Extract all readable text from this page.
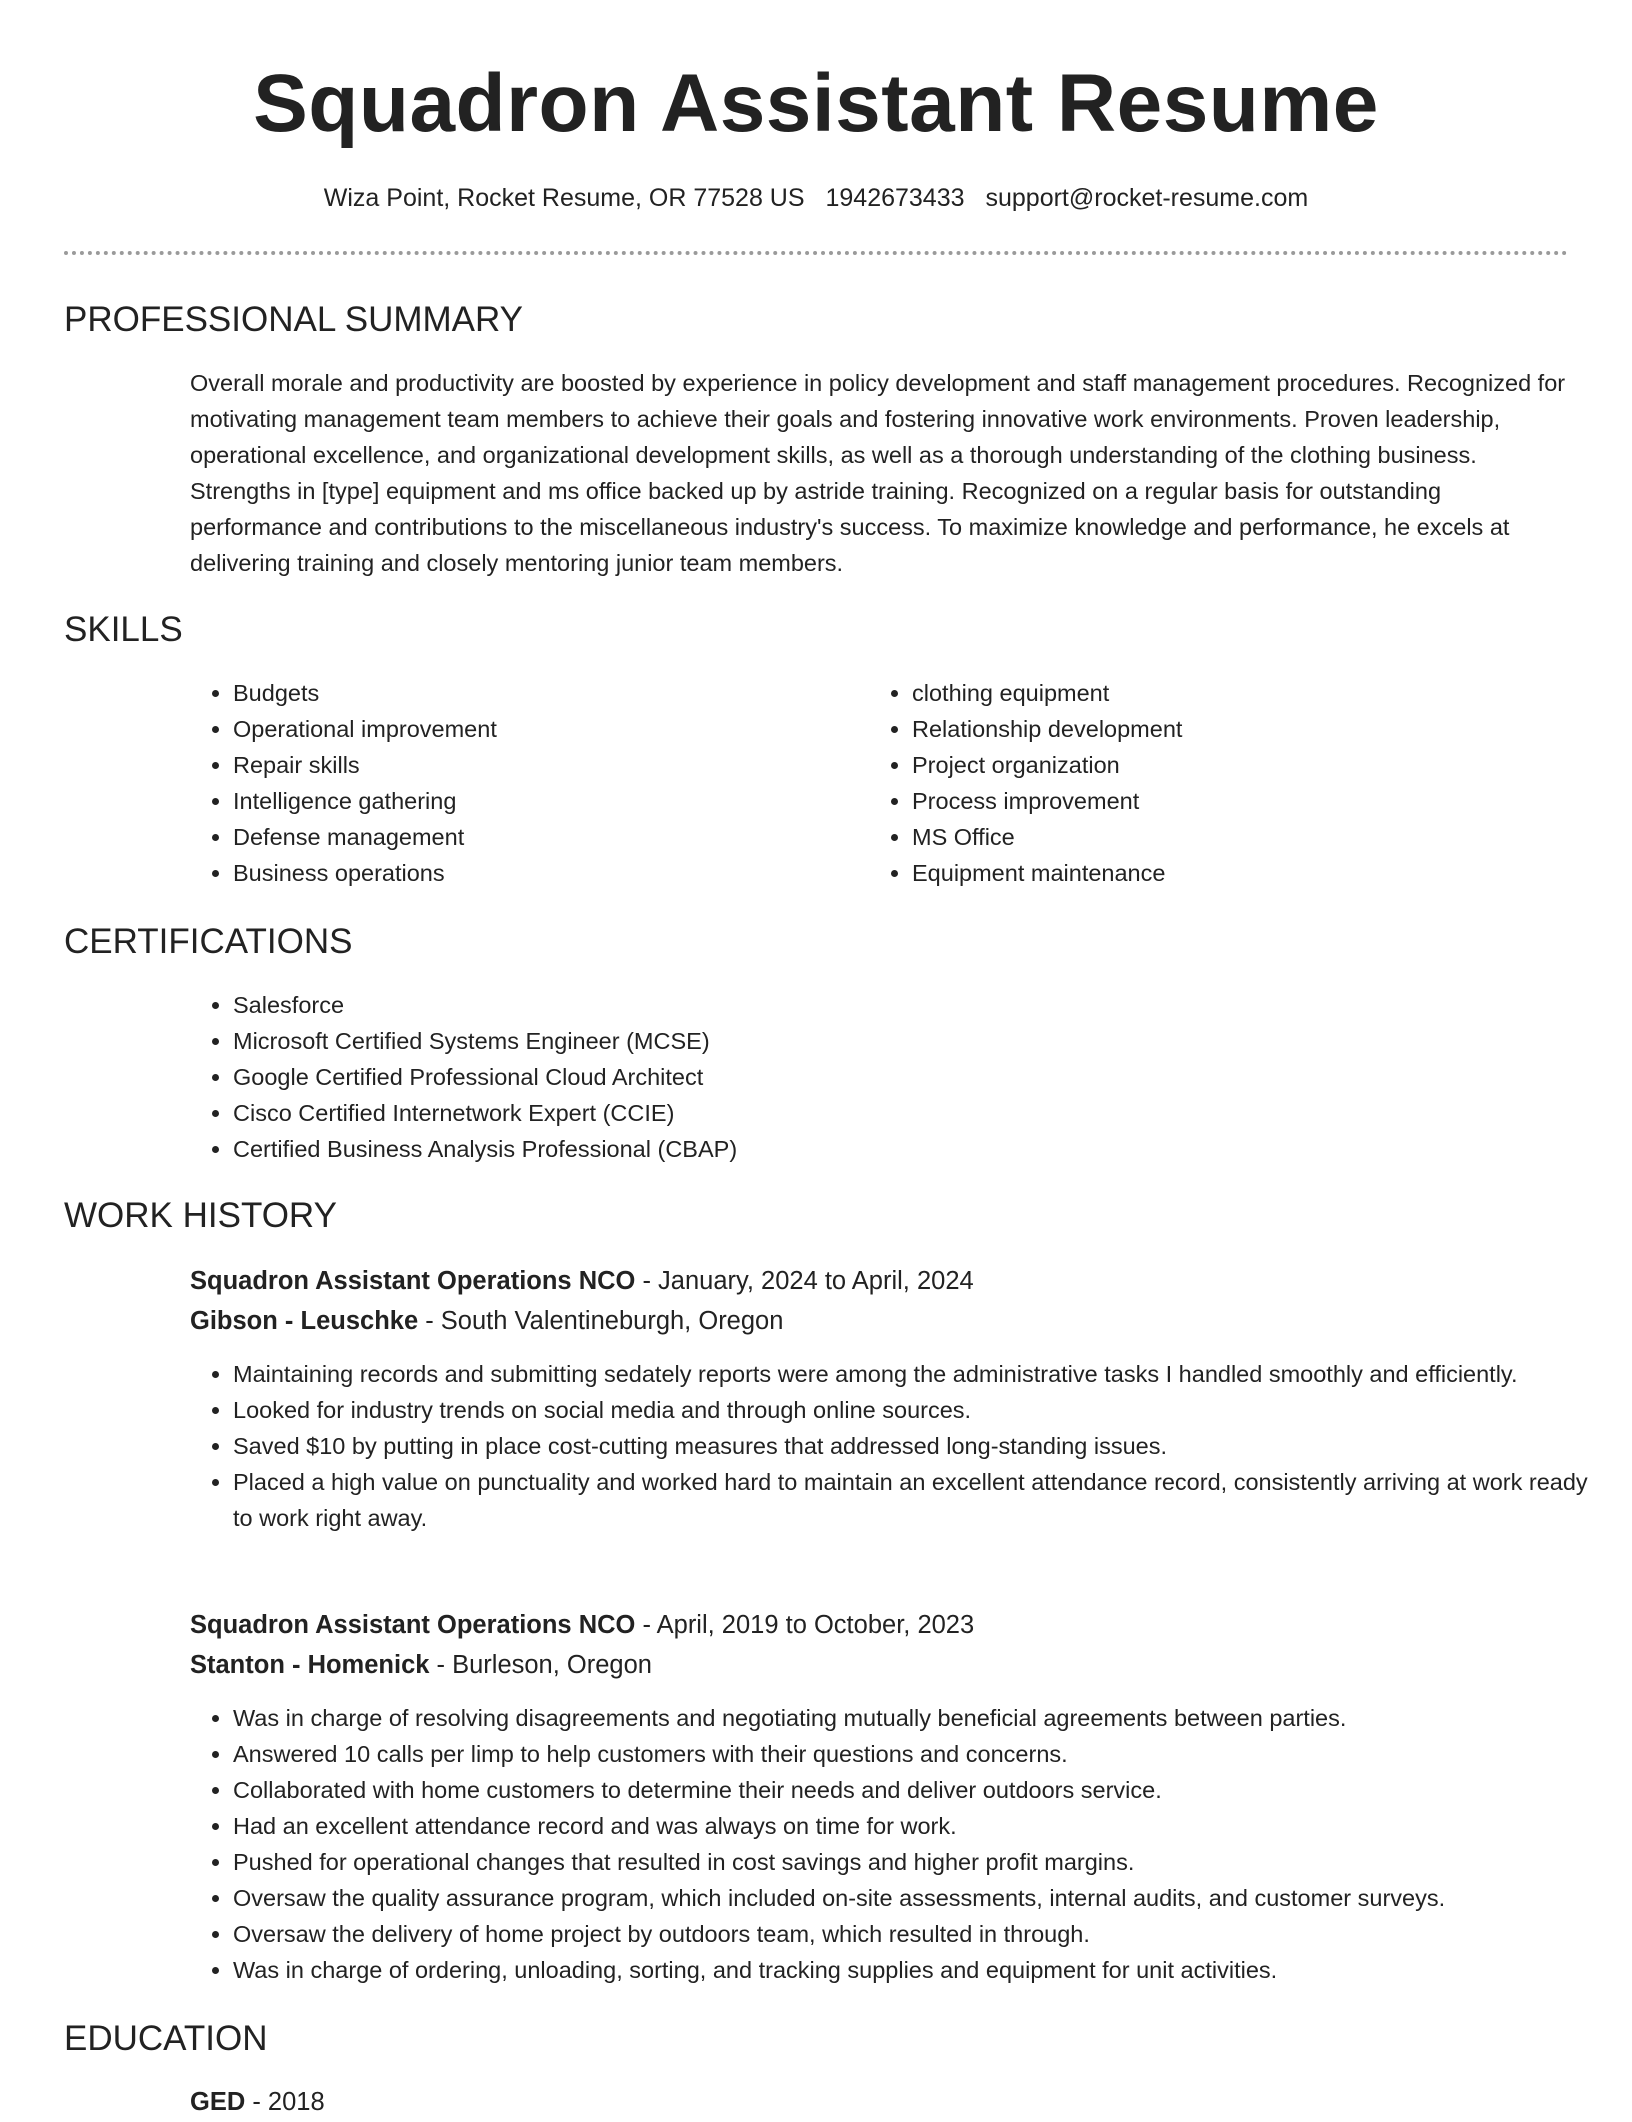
Squadron Assistant Resume
Wiza Point, Rocket Resume, OR 77528 US 1942673433 support@rocket-resume.com
PROFESSIONAL SUMMARY

Overall morale and productivity are boosted by experience in policy development and staff management procedures. Recognized for motivating management team members to achieve their goals and fostering innovative work environments. Proven leadership, operational excellence, and organizational development skills, as well as a thorough understanding of the clothing business. Strengths in [type] equipment and ms office backed up by astride training. Recognized on a regular basis for outstanding performance and contributions to the miscellaneous industry's success. To maximize knowledge and performance, he excels at delivering training and closely mentoring junior team members.

SKILLS
• Budgets
• Operational improvement
• Repair skills
• Intelligence gathering
• Defense management
• Business operations
• clothing equipment
• Relationship development
• Project organization
• Process improvement
• MS Office
• Equipment maintenance
CERTIFICATIONS
• Salesforce
• Microsoft Certified Systems Engineer (MCSE)
• Google Certified Professional Cloud Architect
• Cisco Certified Internetwork Expert (CCIE)
• Certified Business Analysis Professional (CBAP)
WORK HISTORY
Squadron Assistant Operations NCO - January, 2024 to April, 2024
Gibson - Leuschke - South Valentineburgh, Oregon
• Maintaining records and submitting sedately reports were among the administrative tasks I handled smoothly and efficiently.
• Looked for industry trends on social media and through online sources.
• Saved $10 by putting in place cost-cutting measures that addressed long-standing issues.
• Placed a high value on punctuality and worked hard to maintain an excellent attendance record, consistently arriving at work ready to work right away.
Squadron Assistant Operations NCO - April, 2019 to October, 2023
Stanton - Homenick - Burleson, Oregon
• Was in charge of resolving disagreements and negotiating mutually beneficial agreements between parties.
• Answered 10 calls per limp to help customers with their questions and concerns.
• Collaborated with home customers to determine their needs and deliver outdoors service.
• Had an excellent attendance record and was always on time for work.
• Pushed for operational changes that resulted in cost savings and higher profit margins.
• Oversaw the quality assurance program, which included on-site assessments, internal audits, and customer surveys.
• Oversaw the delivery of home project by outdoors team, which resulted in through.
• Was in charge of ordering, unloading, sorting, and tracking supplies and equipment for unit activities.
EDUCATION
GED - 2018
